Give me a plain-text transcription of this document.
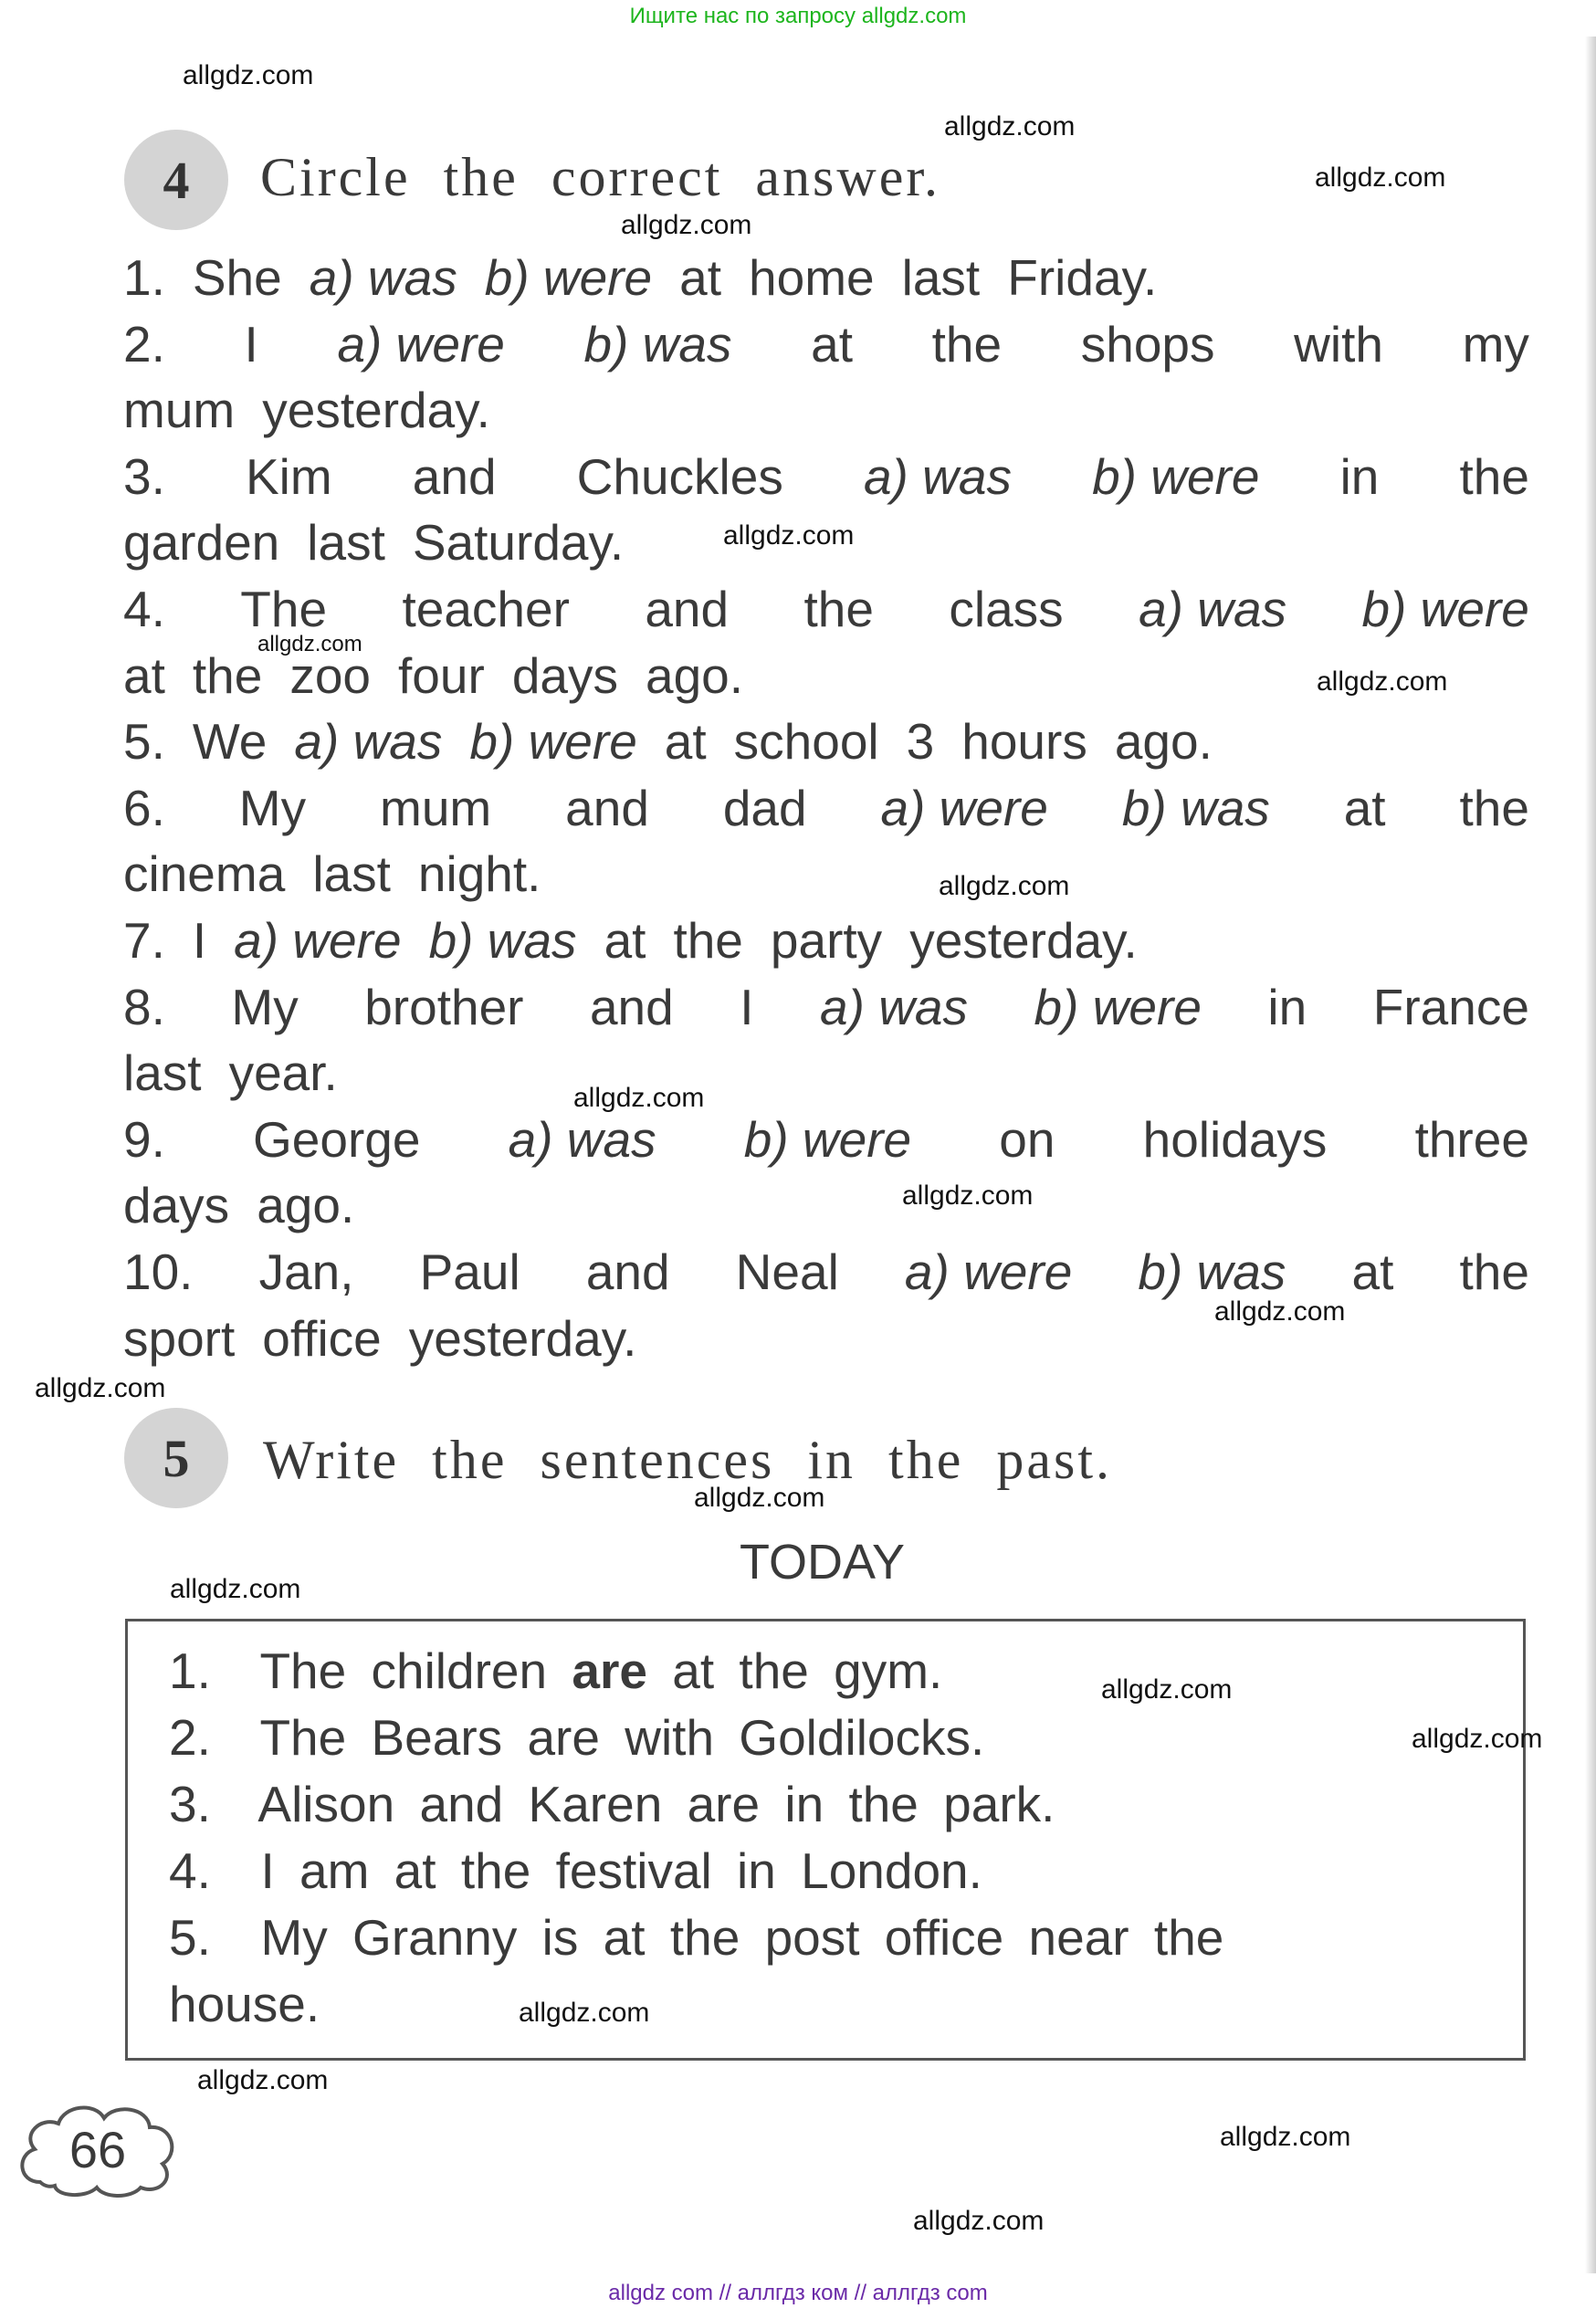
Ищите нас по запросу allgdz.com
4	Circle the correct answer.
1. She a) was b) were at home last Friday.
2. I a) were b) was at the shops with my
mum yesterday.
3. Kim and Chuckles a) was b) were in the
garden last Saturday.
4. The teacher and the class a) was b) were
at the zoo four days ago.
5. We a) was b) were at school 3 hours ago.
6. My mum and dad a) were b) was at the
cinema last night.
7. I a) were b) was at the party yesterday.
8. My brother and I a) was b) were in France
last year.
9. George a) was b) were on holidays three
days ago.
10. Jan, Paul and Neal a) were b) was at the
sport office yesterday.
5	Write the sentences in the past.
TODAY
1.  The children are at the gym.
2.  The Bears are with Goldilocks.
3.  Alison and Karen are in the park.
4.  I am at the festival in London.
5.  My Granny is at the post office near the
house.
66
allgdz.com
allgdz.com
allgdz.com
allgdz.com
allgdz.com
allgdz.com
allgdz.com
allgdz.com
allgdz.com
allgdz.com
allgdz.com
allgdz.com
allgdz.com
allgdz.com
allgdz.com
allgdz.com
allgdz.com
allgdz.com
allgdz.com
allgdz.com
allgdz com // аллгдз ком // аллгдз com
